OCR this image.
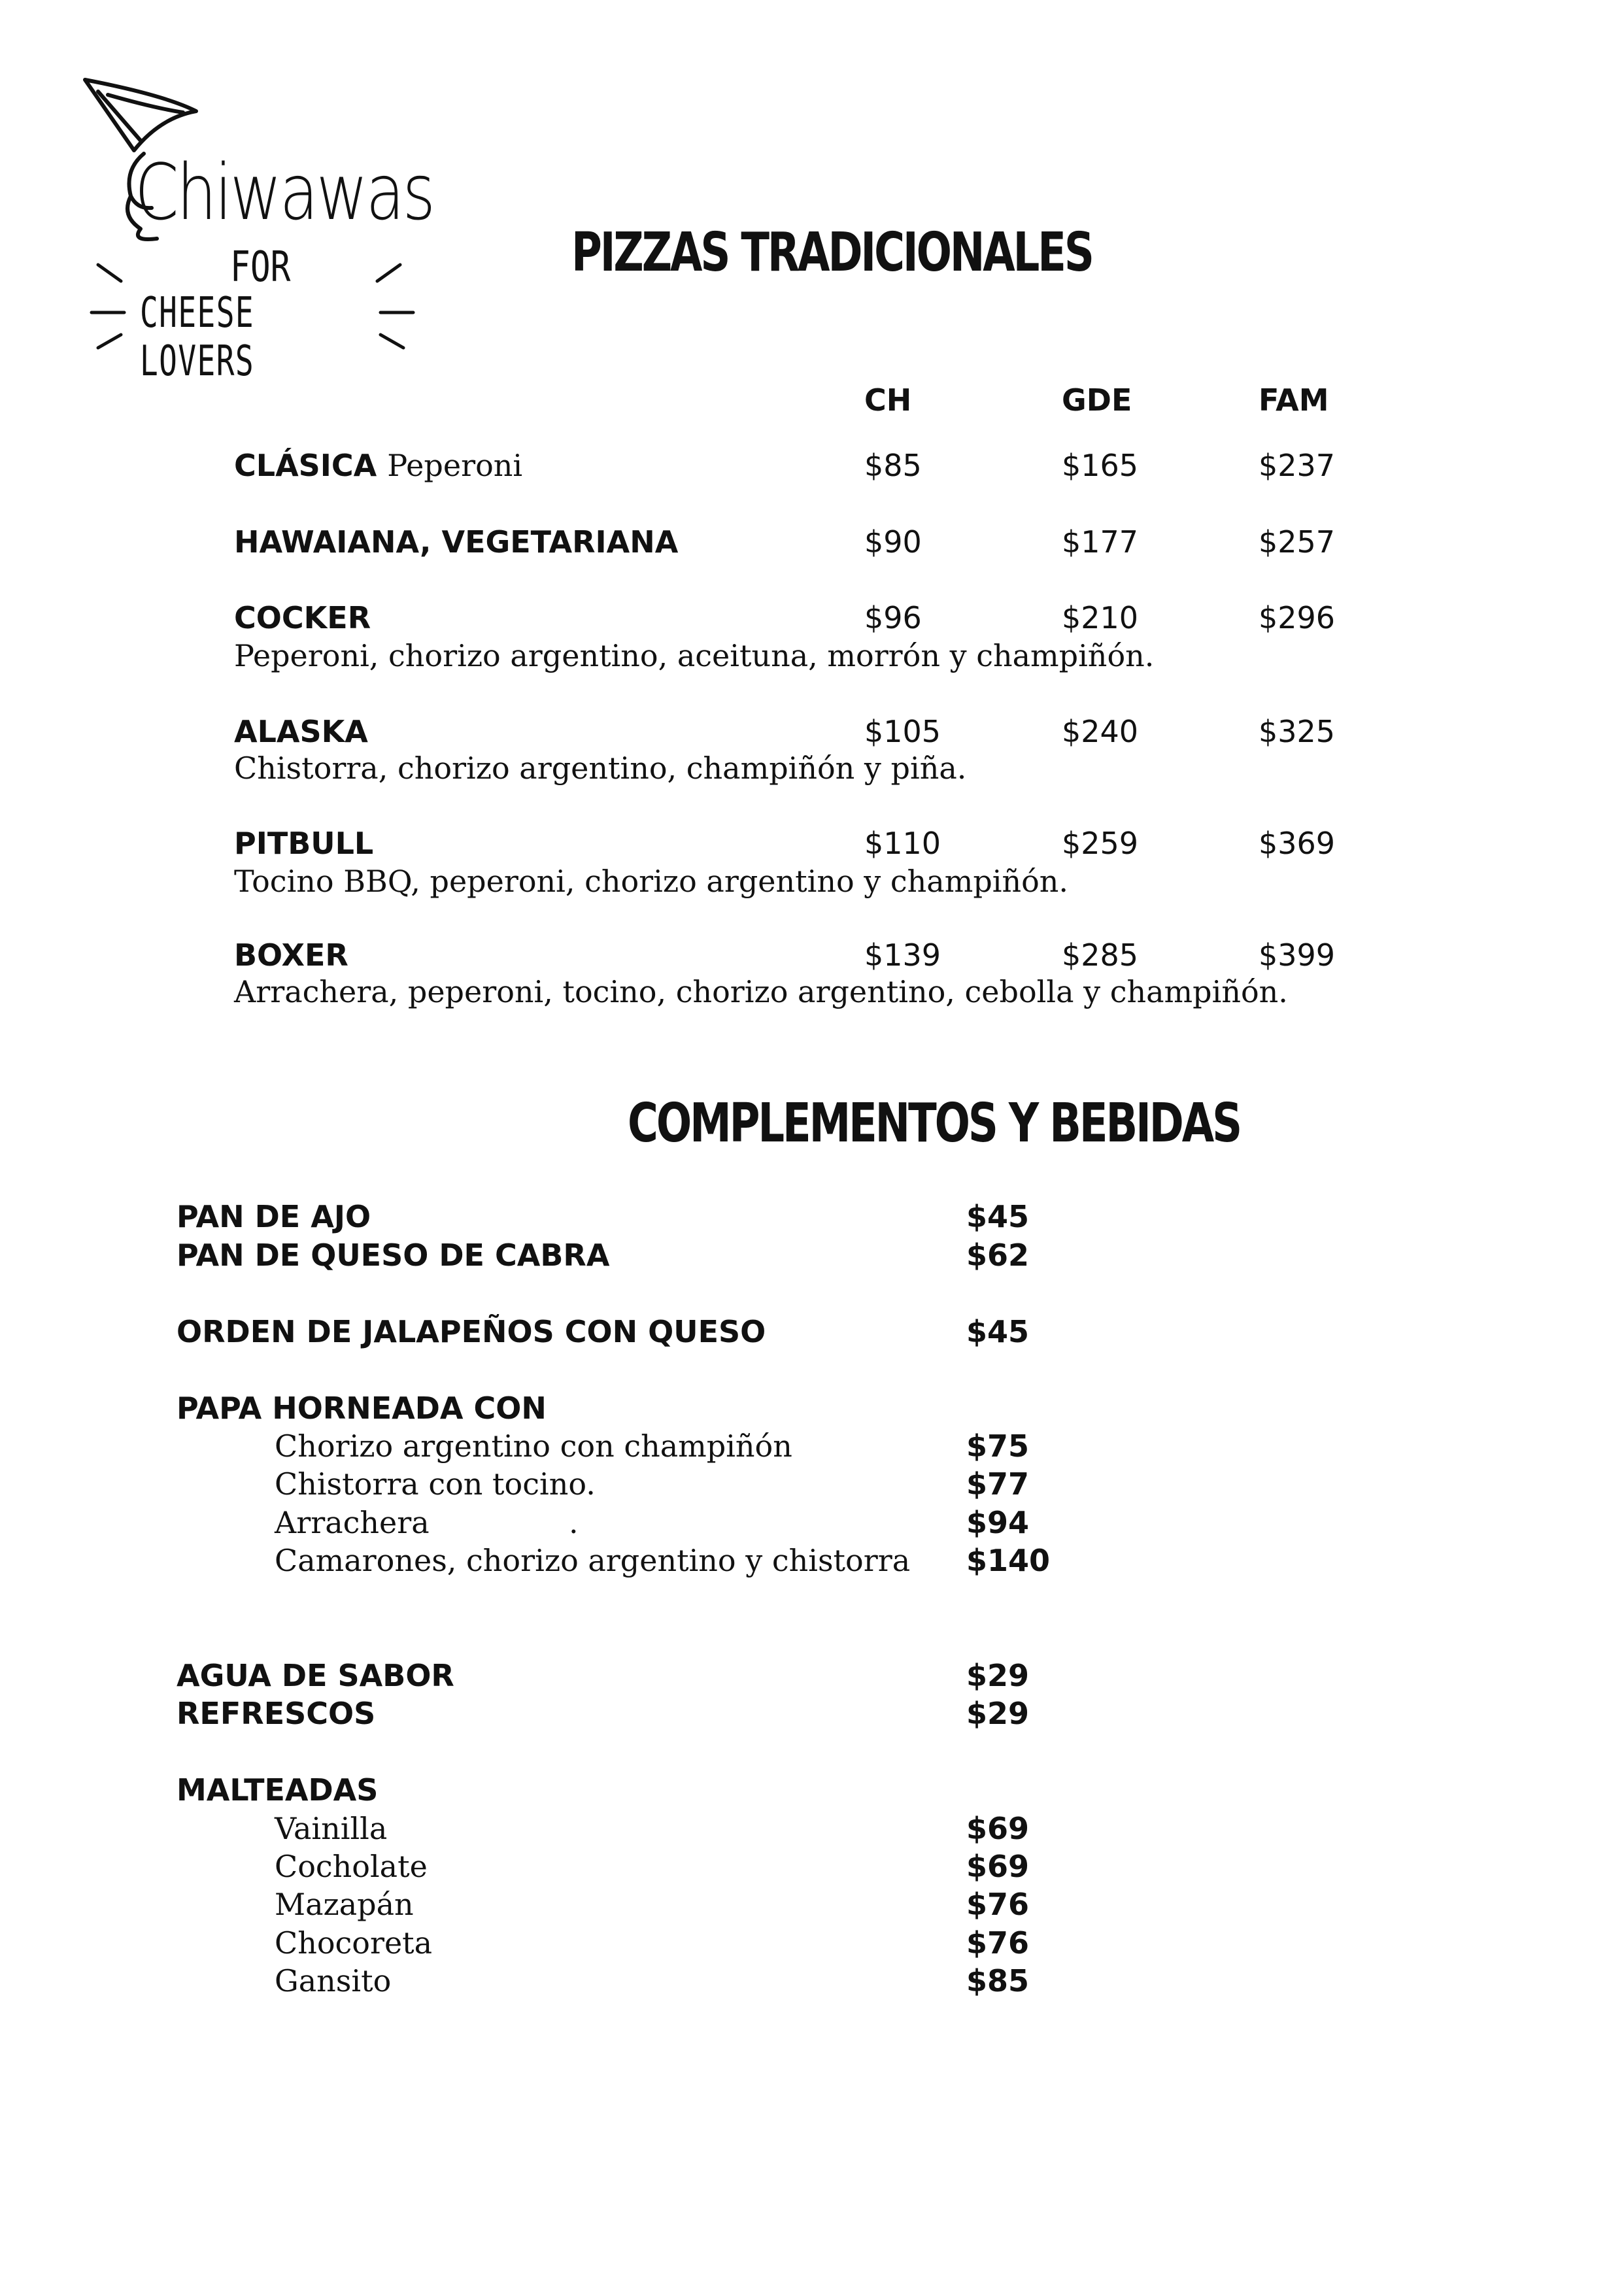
Chiwawas
FOR
CHEESE LOVERS
PIZZAS TRADICIONALES
CH	GDE	FAM
CLÁSICA Peperoni	$85	$165	$237
HAWAIANA, VEGETARIANA	$90	$177	$257
COCKER	$96	$210	$296
Peperoni, chorizo argentino, aceituna, morrón y champiñón.
ALASKA	$105	$240	$325
Chistorra, chorizo argentino, champiñón y piña.
PITBULL	$110	$259	$369
Tocino BBQ, peperoni, chorizo argentino y champiñón.
BOXER	$139	$285	$399
Arrachera, peperoni, tocino, chorizo argentino, cebolla y champiñón.
COMPLEMENTOS Y BEBIDAS
PAN DE AJO	$45
PAN DE QUESO DE CABRA	$62
ORDEN DE JALAPEÑOS CON QUESO	$45
PAPA HORNEADA CON
Chorizo argentino con champiñón	$75
Chistorra con tocino.	$77
Arrachera	.	$94
Camarones, chorizo argentino y chistorra $140
AGUA DE SABOR	$29
REFRESCOS	$29
MALTEADAS
Vainilla	$69
Cocholate	$69
Mazapán	$76
Chocoreta	$76
Gansito	$85
